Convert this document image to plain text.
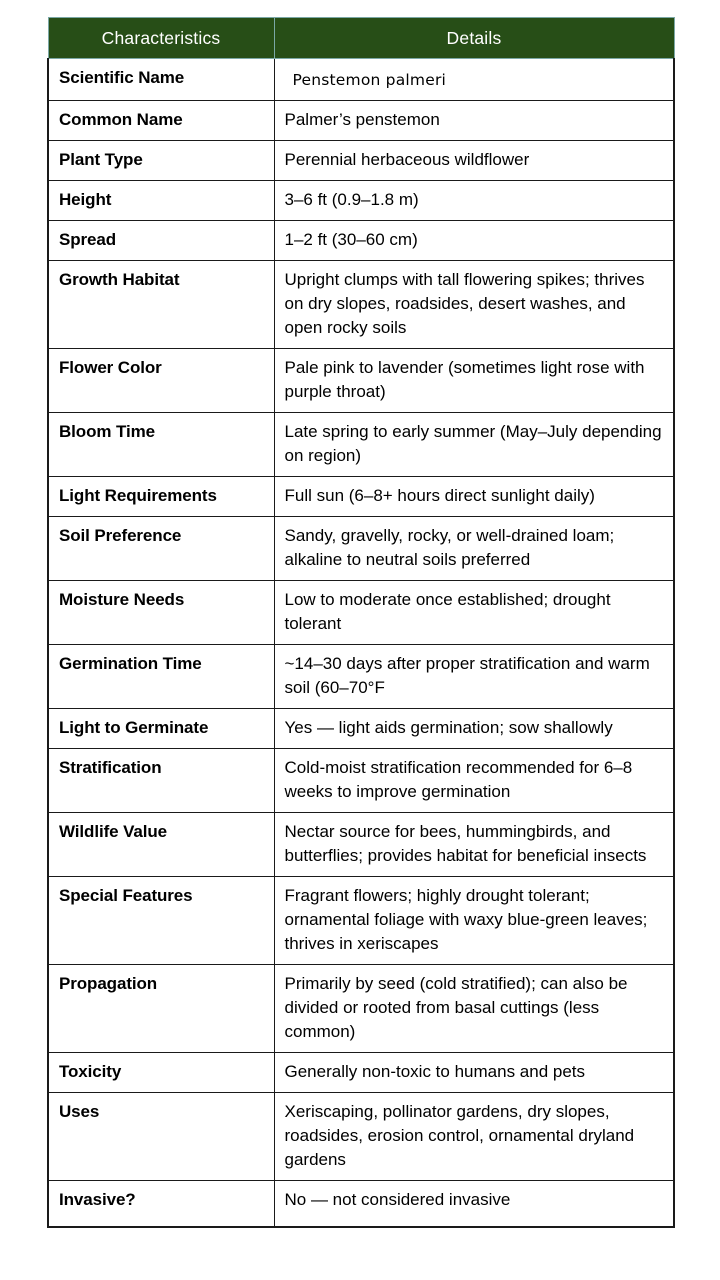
Characteristics	Details
Scientific Name	Penstemon palmeri
Common Name	Palmer’s penstemon
Plant Type	Perennial herbaceous wildflower
Height	3–6 ft (0.9–1.8 m)
Spread	1–2 ft (30–60 cm)
Growth Habitat	Upright clumps with tall flowering spikes; thrives on dry slopes, roadsides, desert washes, and open rocky soils
Flower Color	Pale pink to lavender (sometimes light rose with purple throat)
Bloom Time	Late spring to early summer (May–July depending on region)
Light Requirements	Full sun (6–8+ hours direct sunlight daily)
Soil Preference	Sandy, gravelly, rocky, or well-drained loam; alkaline to neutral soils preferred
Moisture Needs	Low to moderate once established; drought tolerant
Germination Time	~14–30 days after proper stratification and warm soil (60–70°F
Light to Germinate	Yes — light aids germination; sow shallowly
Stratification	Cold-moist stratification recommended for 6–8 weeks to improve germination
Wildlife Value	Nectar source for bees, hummingbirds, and butterflies; provides habitat for beneficial insects
Special Features	Fragrant flowers; highly drought tolerant; ornamental foliage with waxy blue-green leaves; thrives in xeriscapes
Propagation	Primarily by seed (cold stratified); can also be divided or rooted from basal cuttings (less common)
Toxicity	Generally non-toxic to humans and pets
Uses	Xeriscaping, pollinator gardens, dry slopes, roadsides, erosion control, ornamental dryland gardens
Invasive?	No — not considered invasive
